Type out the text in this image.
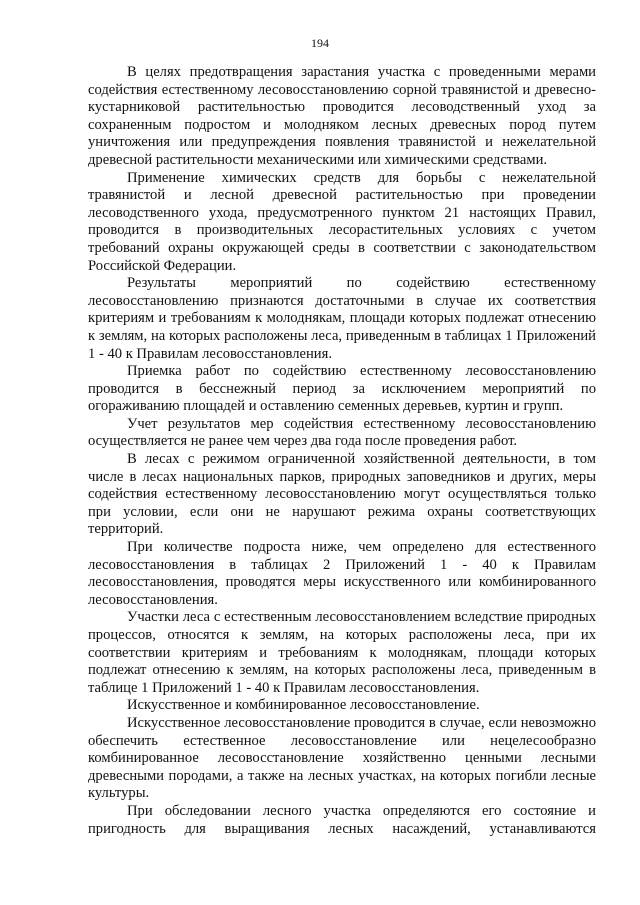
194

В целях предотвращения зарастания участка с проведенными мерами содействия естественному лесовосстановлению сорной травянистой и древесно-кустарниковой растительностью проводится лесоводственный уход за сохраненным подростом и молодняком лесных древесных пород путем уничтожения или предупреждения появления травянистой и нежелательной древесной растительности механическими или химическими средствами.

Применение химических средств для борьбы с нежелательной травянистой и лесной древесной растительностью при проведении лесоводственного ухода, предусмотренного пунктом 21 настоящих Правил, проводится в производительных лесорастительных условиях с учетом требований охраны окружающей среды в соответствии с законодательством Российской Федерации.

Результаты мероприятий по содействию естественному лесовосстановлению признаются достаточными в случае их соответствия критериям и требованиям к молоднякам, площади которых подлежат отнесению к землям, на которых расположены леса, приведенным в таблицах 1 Приложений 1 - 40 к Правилам лесовосстановления.

Приемка работ по содействию естественному лесовосстановлению проводится в бесснежный период за исключением мероприятий по огораживанию площадей и оставлению семенных деревьев, куртин и групп.

Учет результатов мер содействия естественному лесовосстановлению осуществляется не ранее чем через два года после проведения работ.

В лесах с режимом ограниченной хозяйственной деятельности, в том числе в лесах национальных парков, природных заповедников и других, меры содействия естественному лесовосстановлению могут осуществляться только при условии, если они не нарушают режима охраны соответствующих территорий.

При количестве подроста ниже, чем определено для естественного лесовосстановления в таблицах 2 Приложений 1 - 40 к Правилам лесовосстановления, проводятся меры искусственного или комбинированного лесовосстановления.

Участки леса с естественным лесовосстановлением вследствие природных процессов, относятся к землям, на которых расположены леса, при их соответствии критериям и требованиям к молоднякам, площади которых подлежат отнесению к землям, на которых расположены леса, приведенным в таблице 1 Приложений 1 - 40 к Правилам лесовосстановления.

Искусственное и комбинированное лесовосстановление.

Искусственное лесовосстановление проводится в случае, если невозможно обеспечить естественное лесовосстановление или нецелесообразно комбинированное лесовосстановление хозяйственно ценными лесными древесными породами, а также на лесных участках, на которых погибли лесные культуры.

При обследовании лесного участка определяются его состояние и пригодность для выращивания лесных насаждений, устанавливаются
